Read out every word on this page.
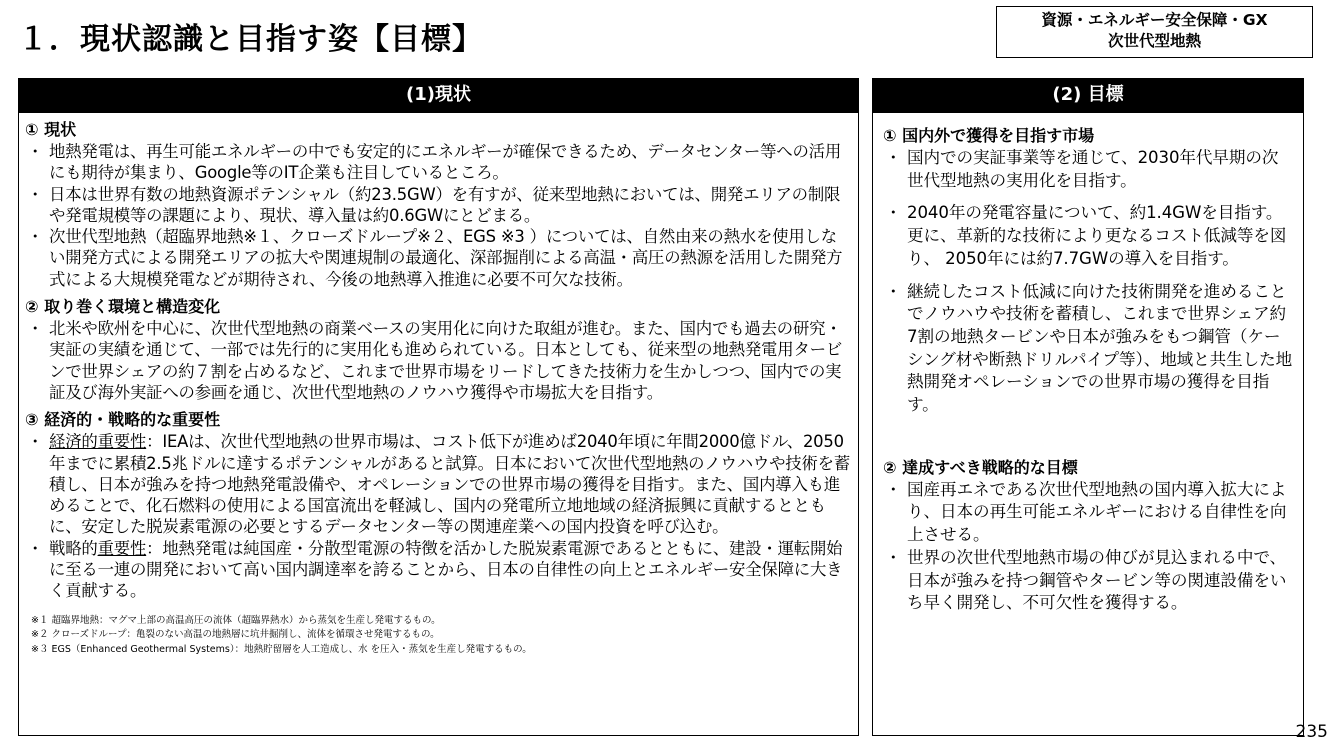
１．現状認識と目指す姿【目標】
資源・エネルギー安全保障・GX
次世代型地熱
(1)現状
① 現状
・ 地熱発電は、再生可能エネルギーの中でも安定的にエネルギーが確保できるため、データセンター等への活用にも期待が集まり、Google等のIT企業も注目しているところ。
・ 日本は世界有数の地熱資源ポテンシャル（約23.5GW）を有すが、従来型地熱においては、開発エリアの制限や発電規模等の課題により、現状、導入量は約0.6GWにとどまる。
・ 次世代型地熱（超臨界地熱※１、クローズドループ※２、EGS ※3 ）については、自然由来の熱水を使用しない開発方式による開発エリアの拡大や関連規制の最適化、深部掘削による高温・高圧の熱源を活用した開発方式による大規模発電などが期待され、今後の地熱導入推進に必要不可欠な技術。
② 取り巻く環境と構造変化
・ 北米や欧州を中心に、次世代型地熱の商業ベースの実用化に向けた取組が進む。また、国内でも過去の研究・実証の実績を通じて、一部では先行的に実用化も進められている。日本としても、従来型の地熱発電用タービンで世界シェアの約７割を占めるなど、これまで世界市場をリードしてきた技術力を生かしつつ、国内での実証及び海外実証への参画を通じ、次世代型地熱のノウハウ獲得や市場拡大を目指す。
③ 経済的・戦略的な重要性
・ 経済的重要性：IEAは、次世代型地熱の世界市場は、コスト低下が進めば2040年頃に年間2000億ドル、2050年までに累積2.5兆ドルに達するポテンシャルがあると試算。日本において次世代型地熱のノウハウや技術を蓄積し、日本が強みを持つ地熱発電設備や、オペレーションでの世界市場の獲得を目指す。また、国内導入も進めることで、化石燃料の使用による国富流出を軽減し、国内の発電所立地地域の経済振興に貢献するとともに、安定した脱炭素電源の必要とするデータセンター等の関連産業への国内投資を呼び込む。
・ 戦略的重要性：地熱発電は純国産・分散型電源の特徴を活かした脱炭素電源であるとともに、建設・運転開始に至る一連の開発において高い国内調達率を誇ることから、日本の自律性の向上とエネルギー安全保障に大きく貢献する。
※１ 超臨界地熱：マグマ上部の高温高圧の流体（超臨界熱水）から蒸気を生産し発電するもの。
※２ クローズドループ：亀裂のない高温の地熱層に坑井掘削し、流体を循環させ発電するもの。
※３ EGS（Enhanced Geothermal Systems）：地熱貯留層を人工造成し、水 を圧入・蒸気を生産し発電するもの。
(2) 目標
① 国内外で獲得を目指す市場
・ 国内での実証事業等を通じて、2030年代早期の次世代型地熱の実用化を目指す。
・ 2040年の発電容量について、約1.4GWを目指す。更に、革新的な技術により更なるコスト低減等を図り、 2050年には約7.7GWの導入を目指す。
・ 継続したコスト低減に向けた技術開発を進めることでノウハウや技術を蓄積し、これまで世界シェア約7割の地熱タービンや日本が強みをもつ鋼管（ケーシング材や断熱ドリルパイプ等）、地域と共生した地熱開発オペレーションでの世界市場の獲得を目指す。
② 達成すべき戦略的な目標
・ 国産再エネである次世代型地熱の国内導入拡大により、日本の再生可能エネルギーにおける自律性を向上させる。
・ 世界の次世代型地熱市場の伸びが見込まれる中で、日本が強みを持つ鋼管やタービン等の関連設備をいち早く開発し、不可欠性を獲得する。
235
